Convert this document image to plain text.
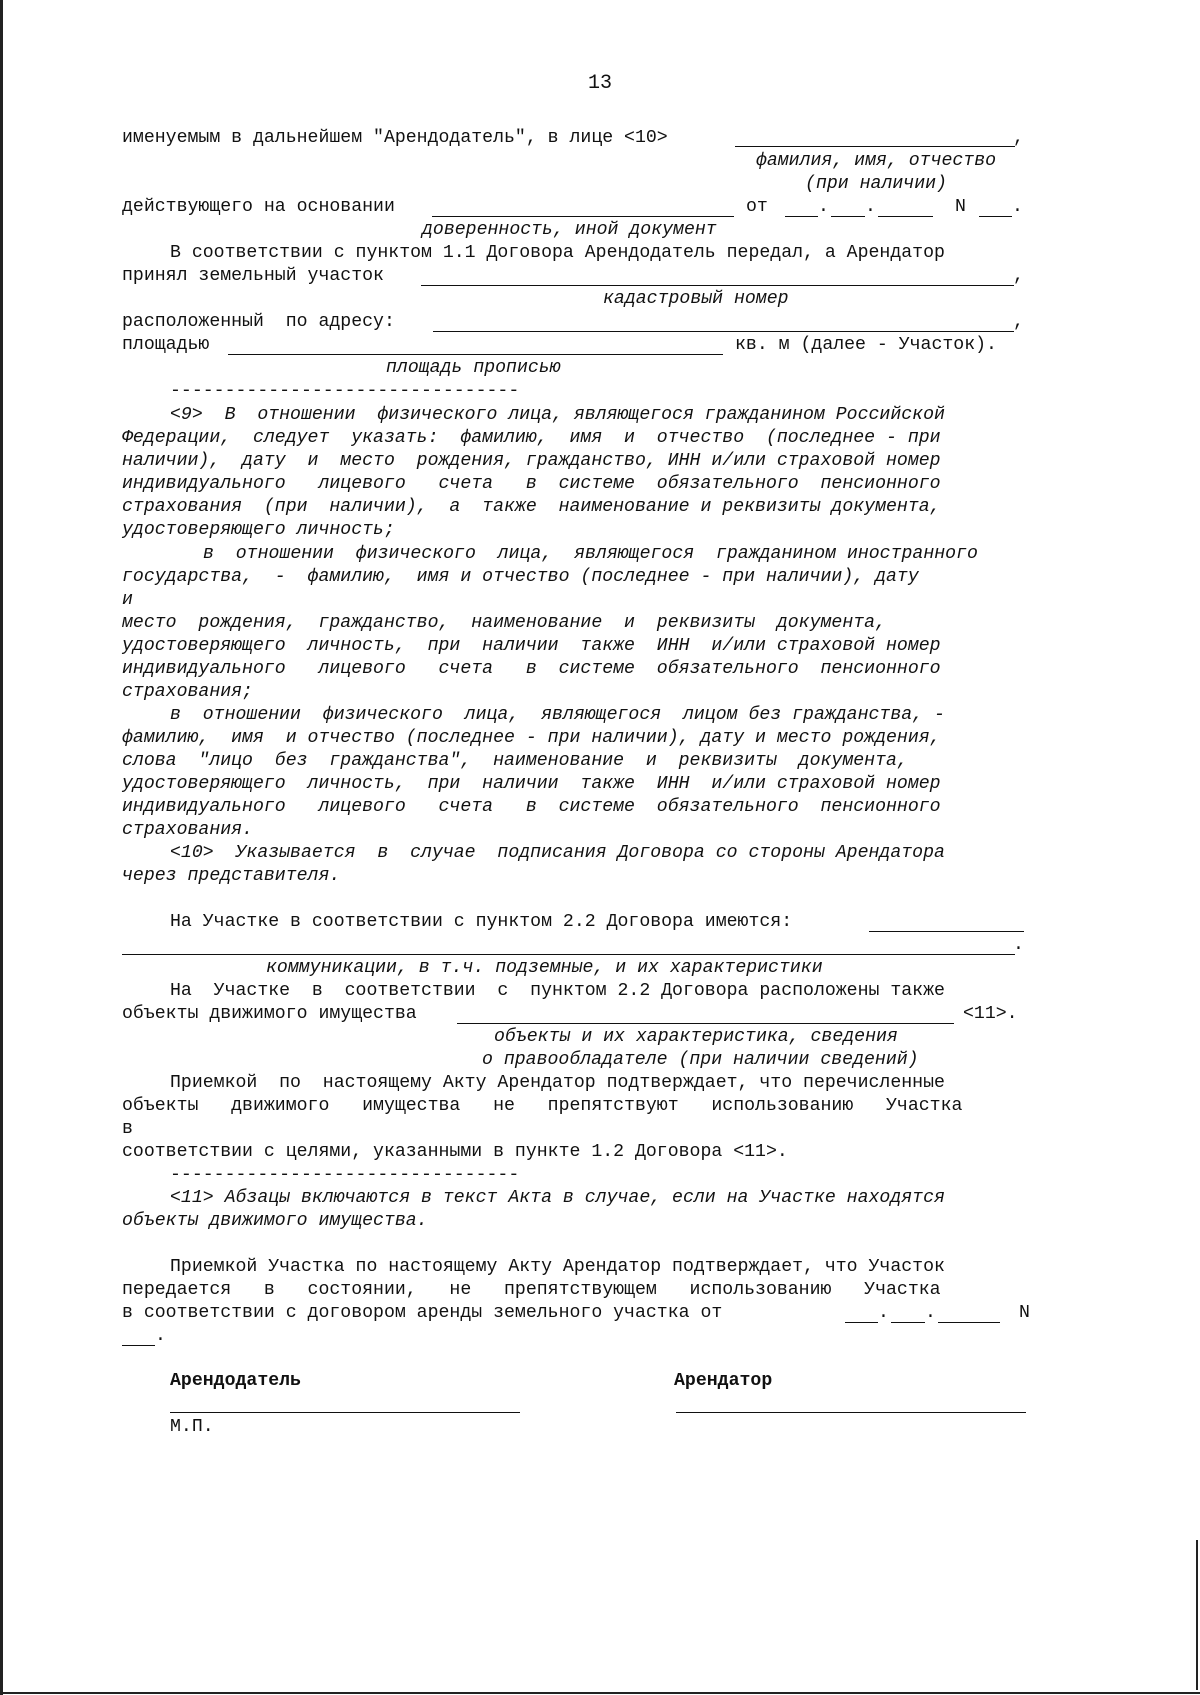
13
именуемым в дальнейшем "Арендодатель", в лице <10>	,
фамилия, имя, отчество
(при наличии)
действующего на основании	от	. .	N	.
доверенность, иной документ
В соответствии с пунктом 1.1 Договора Арендодатель передал, а Арендатор
принял земельный участок	,
кадастровый номер
расположенный  по адресу:	,
площадью	кв. м (далее - Участок).
площадь прописью
--------------------------------
<9>  В  отношении  физического лица, являющегося гражданином Российской
Федерации,  следует  указать:  фамилию,  имя  и  отчество  (последнее - при
наличии),  дату  и  место  рождения, гражданство, ИНН и/или страховой номер
индивидуального   лицевого   счета   в  системе  обязательного  пенсионного
страхования  (при  наличии),  а  также  наименование и реквизиты документа,
удостоверяющего личность;
в  отношении  физического  лица,  являющегося  гражданином иностранного
государства,  -  фамилию,  имя и отчество (последнее - при наличии), дату
и
место  рождения,  гражданство,  наименование  и  реквизиты  документа,
удостоверяющего  личность,  при  наличии  также  ИНН  и/или страховой номер
индивидуального   лицевого   счета   в  системе  обязательного  пенсионного
страхования;
в  отношении  физического  лица,  являющегося  лицом без гражданства, -
фамилию,  имя  и отчество (последнее - при наличии), дату и место рождения,
слова  "лицо  без  гражданства",  наименование  и  реквизиты  документа,
удостоверяющего  личность,  при  наличии  также  ИНН  и/или страховой номер
индивидуального   лицевого   счета   в  системе  обязательного  пенсионного
страхования.
<10>  Указывается  в  случае  подписания Договора со стороны Арендатора
через представителя.
На Участке в соответствии с пунктом 2.2 Договора имеются:
.
коммуникации, в т.ч. подземные, и их характеристики
На  Участке  в  соответствии  с  пунктом 2.2 Договора расположены также
объекты движимого имущества	<11>.
объекты и их характеристика, сведения
о правообладателе (при наличии сведений)
Приемкой  по  настоящему Акту Арендатор подтверждает, что перечисленные
объекты   движимого   имущества   не   препятствуют   использованию   Участка
в
соответствии с целями, указанными в пункте 1.2 Договора <11>.
--------------------------------
<11> Абзацы включаются в текст Акта в случае, если на Участке находятся
объекты движимого имущества.
Приемкой Участка по настоящему Акту Арендатор подтверждает, что Участок
передается   в   состоянии,   не   препятствующем   использованию   Участка
в соответствии с договором аренды земельного участка от	. .	N
.
Арендодатель	Арендатор
М.П.
